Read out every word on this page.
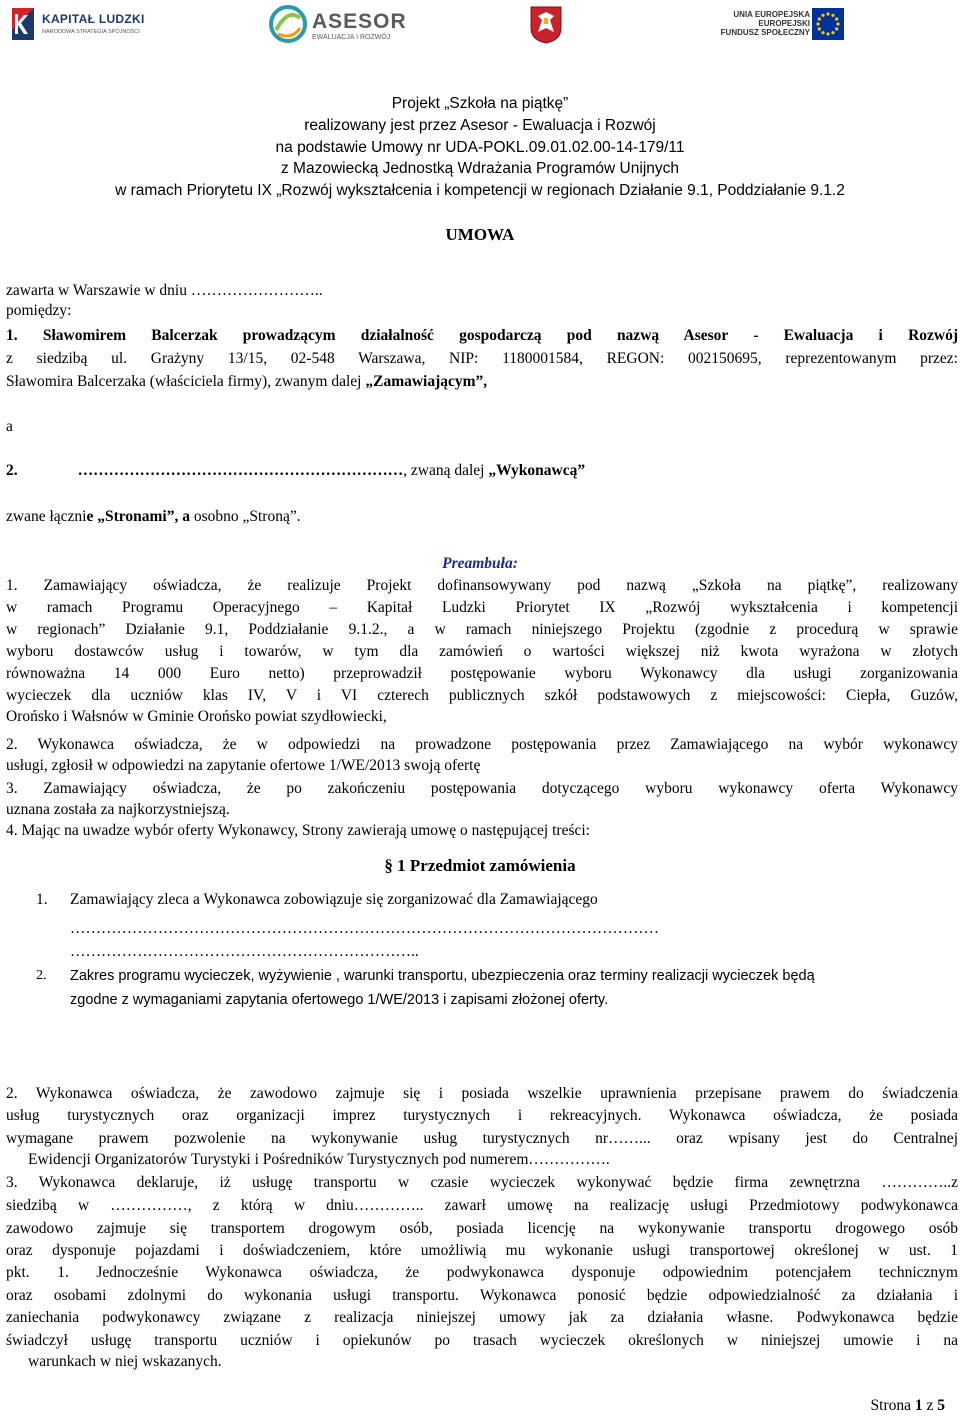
KAPITAŁ LUDZKI
NARODOWA STRATEGIA SPÓJNOŚCI	ASESOR
EWALUACJA I ROZWÓJ
UNIA EUROPEJSKA
EUROPEJSKI
FUNDUSZ SPOŁECZNY
Projekt „Szkoła na piątkę”
realizowany jest przez Asesor - Ewaluacja i Rozwój
na podstawie Umowy nr UDA-POKL.09.01.02.00-14-179/11
z Mazowiecką Jednostką Wdrażania Programów Unijnych
w ramach Priorytetu IX „Rozwój wykształcenia i kompetencji w regionach Działanie 9.1, Poddziałanie 9.1.2
UMOWA
zawarta w Warszawie w dniu ……………………..
pomiędzy:
1. Sławomirem Balcerzak prowadzącym działalność gospodarczą pod nazwą Asesor - Ewaluacja i Rozwój
z siedzibą ul. Grażyny 13/15, 02-548 Warszawa, NIP: 1180001584, REGON: 002150695, reprezentowanym przez:
Sławomira Balcerzaka (właściciela firmy), zwanym dalej „Zamawiającym”,
a
2.	………………………………………………………, zwaną dalej „Wykonawcą”
zwane łącznie „Stronami”, a osobno „Stroną”.
Preambuła:
1. Zamawiający oświadcza, że realizuje Projekt dofinansowywany pod nazwą „Szkoła na piątkę”, realizowany
w ramach Programu Operacyjnego – Kapitał Ludzki Priorytet IX „Rozwój wykształcenia i kompetencji
w regionach” Działanie 9.1, Poddziałanie 9.1.2., a w ramach niniejszego Projektu (zgodnie z procedurą w sprawie
wyboru dostawców usług i towarów, w tym dla zamówień o wartości większej niż kwota wyrażona w złotych
równoważna 14 000 Euro netto) przeprowadził postępowanie wyboru Wykonawcy dla usługi zorganizowania
wycieczek dla uczniów klas IV, V i VI czterech publicznych szkół podstawowych z miejscowości: Ciepła, Guzów,
Orońsko i Wałsnów w Gminie Orońsko powiat szydłowiecki,
2. Wykonawca oświadcza, że w odpowiedzi na prowadzone postępowania przez Zamawiającego na wybór wykonawcy
usługi, zgłosił w odpowiedzi na zapytanie ofertowe 1/WE/2013 swoją ofertę
3. Zamawiający oświadcza, że po zakończeniu postępowania dotyczącego wyboru wykonawcy oferta Wykonawcy
uznana została za najkorzystniejszą.
4. Mając na uwadze wybór oferty Wykonawcy, Strony zawierają umowę o następującej treści:
§ 1 Przedmiot zamówienia
1. Zamawiający zleca a Wykonawca zobowiązuje się zorganizować dla Zamawiającego
……………………………………………………………………………………………………
…………………………………………………………..
2. Zakres programu wycieczek, wyżywienie , warunki transportu, ubezpieczenia oraz terminy realizacji wycieczek będą
zgodne z wymaganiami zapytania ofertowego 1/WE/2013 i zapisami złożonej oferty.
2. Wykonawca oświadcza, że zawodowo zajmuje się i posiada wszelkie uprawnienia przepisane prawem do świadczenia
usług turystycznych oraz organizacji imprez turystycznych i rekreacyjnych. Wykonawca oświadcza, że posiada
wymagane prawem pozwolenie na wykonywanie usług turystycznych nr……... oraz wpisany jest do Centralnej
Ewidencji Organizatorów Turystyki i Pośredników Turystycznych pod numerem…………….
3. Wykonawca deklaruje, iż usługę transportu w czasie wycieczek wykonywać będzie firma zewnętrzna …………..z
siedzibą w ……………, z którą w dniu………….. zawarł umowę na realizację usługi Przedmiotowy podwykonawca
zawodowo zajmuje się transportem drogowym osób, posiada licencję na wykonywanie transportu drogowego osób
oraz dysponuje pojazdami i doświadczeniem, które umożliwią mu wykonanie usługi transportowej określonej w ust. 1
pkt. 1. Jednocześnie Wykonawca oświadcza, że podwykonawca dysponuje odpowiednim potencjałem technicznym
oraz osobami zdolnymi do wykonania usługi transportu. Wykonawca ponosić będzie odpowiedzialność za działania i
zaniechania podwykonawcy związane z realizacja niniejszej umowy jak za działania własne. Podwykonawca będzie
świadczył usługę transportu uczniów i opiekunów po trasach wycieczek określonych w niniejszej umowie i na
warunkach w niej wskazanych.
Strona 1 z 5
